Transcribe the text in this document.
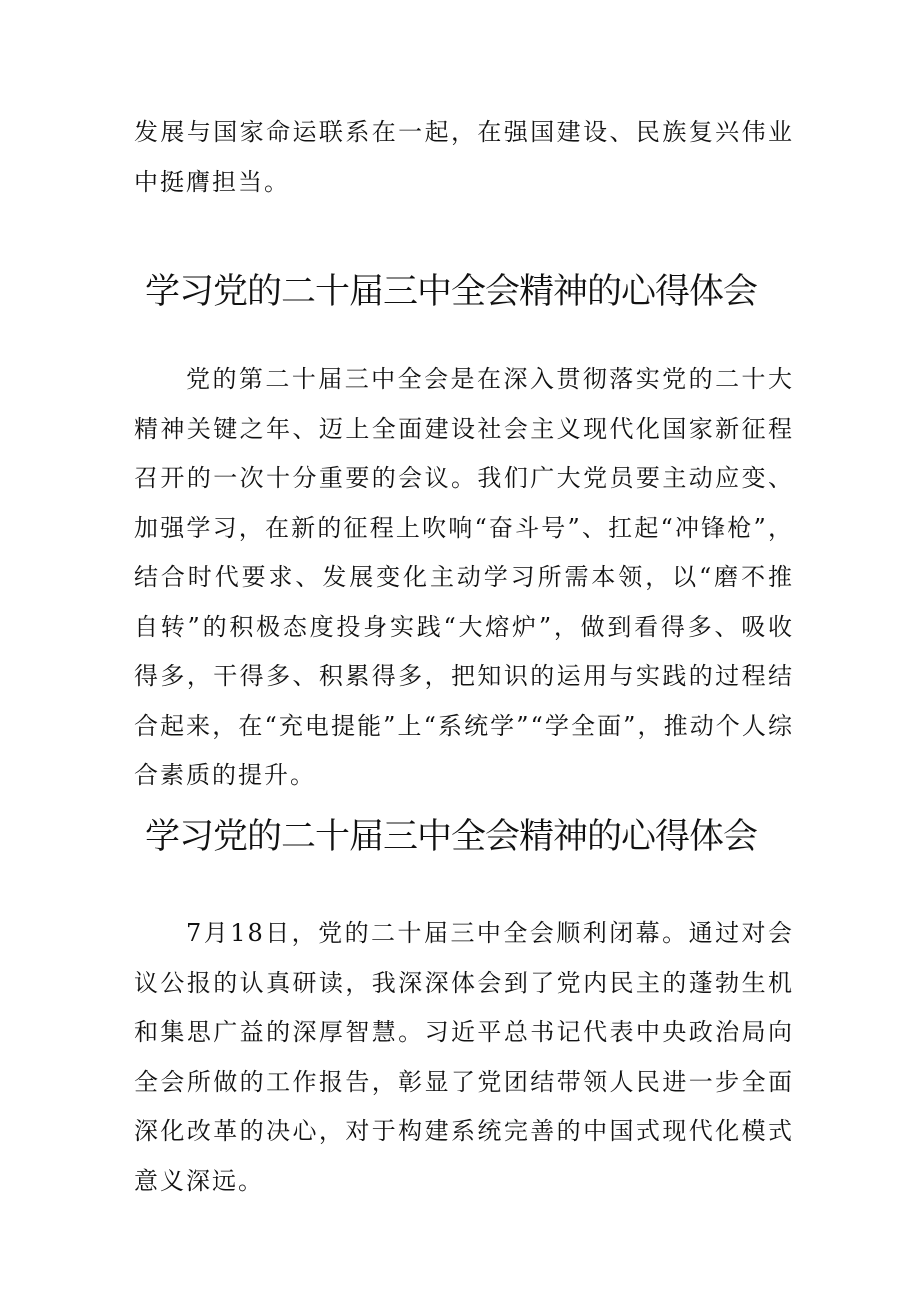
发展与国家命运联系在一起，在强国建设、民族复兴伟业中挺膺担当。

学习党的二十届三中全会精神的心得体会

党的第二十届三中全会是在深入贯彻落实党的二十大精神关键之年、迈上全面建设社会主义现代化国家新征程召开的一次十分重要的会议。我们广大党员要主动应变、加强学习，在新的征程上吹响“奋斗号”、扛起“冲锋枪”，结合时代要求、发展变化主动学习所需本领，以“磨不推自转”的积极态度投身实践“大熔炉”，做到看得多、吸收得多，干得多、积累得多，把知识的运用与实践的过程结合起来，在“充电提能”上“系统学”“学全面”，推动个人综合素质的提升。

学习党的二十届三中全会精神的心得体会

7月18日，党的二十届三中全会顺利闭幕。通过对会议公报的认真研读，我深深体会到了党内民主的蓬勃生机和集思广益的深厚智慧。习近平总书记代表中央政治局向全会所做的工作报告，彰显了党团结带领人民进一步全面深化改革的决心，对于构建系统完善的中国式现代化模式意义深远。
